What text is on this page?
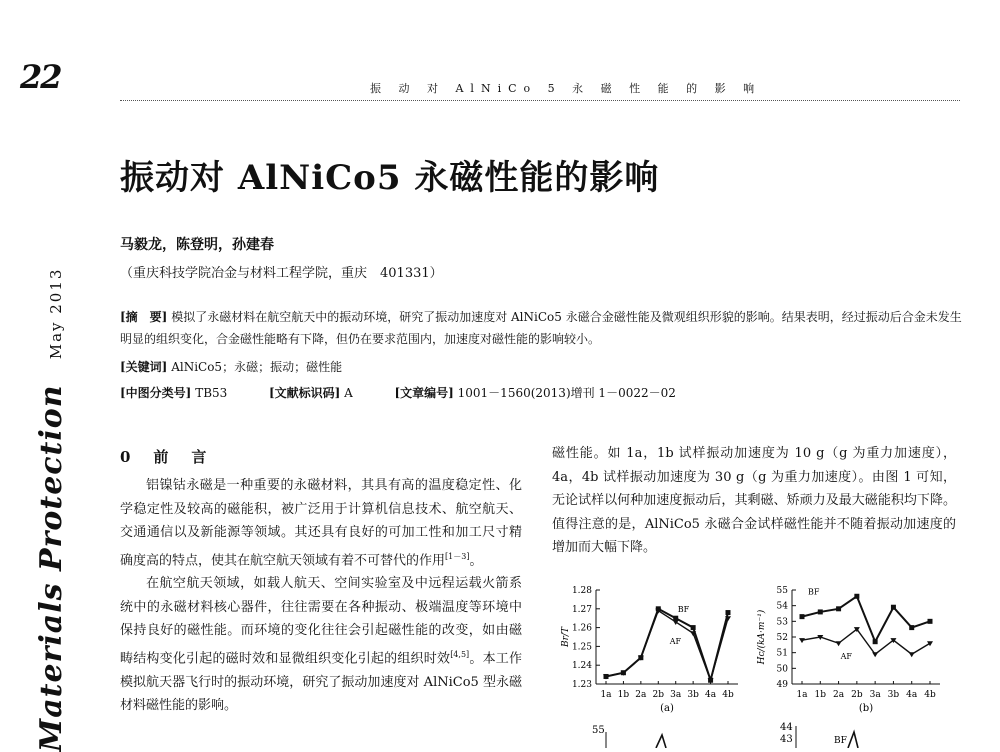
22	振 动 对 AlNiCo 5 永 磁 性 能 的 影 响
Materials Protection May 2013
振动对 AlNiCo5 永磁性能的影响
马毅龙，陈登明，孙建春
（重庆科技学院冶金与材料工程学院，重庆　401331）
[摘　要] 模拟了永磁材料在航空航天中的振动环境，研究了振动加速度对 AlNiCo5 永磁合金磁性能及微观组织形貌的影响。结果表明，经过振动后合金未发生明显的组织变化，合金磁性能略有下降，但仍在要求范围内，加速度对磁性能的影响较小。
[关键词] AlNiCo5；永磁；振动；磁性能
[中图分类号] TB53	[文献标识码] A	[文章编号] 1001－1560(2013)增刊 1－0022－02
0　前　言

铝镍钴永磁是一种重要的永磁材料，其具有高的温度稳定性、化学稳定性及较高的磁能积，被广泛用于计算机信息技术、航空航天、交通通信以及新能源等领域。其还具有良好的可加工性和加工尺寸精确度高的特点，使其在航空航天领域有着不可替代的作用[1－3]。

在航空航天领域，如载人航天、空间实验室及中远程运载火箭系统中的永磁材料核心器件，往往需要在各种振动、极端温度等环境中保持良好的磁性能。而环境的变化往往会引起磁性能的改变，如由磁畴结构变化引起的磁时效和显微组织变化引起的组织时效[4,5]。本工作模拟航天器飞行时的振动环境，研究了振动加速度对 AlNiCo5 型永磁材料磁性能的影响。

磁性能。如 1a，1b 试样振动加速度为 10 g（g 为重力加速度），4a，4b 试样振动加速度为 30 g（g 为重力加速度）。由图 1 可知，无论试样以何种加速度振动后，其剩磁、矫顽力及最大磁能积均下降。值得注意的是，AlNiCo5 永磁合金试样磁性能并不随着振动加速度的增加而大幅下降。

1.28
1.27
1.26
1.25
1.24
1.23
1a 1b 2a 2b 3a 3b 4a 4b
Br/T
(a)
BF
AF
55
54
53
52
51
50
49
1a 1b 2a 2b 3a 3b 4a 4b
Hc/(kA·m⁻¹)
(b)
BF
AF
55	44
43	BF
